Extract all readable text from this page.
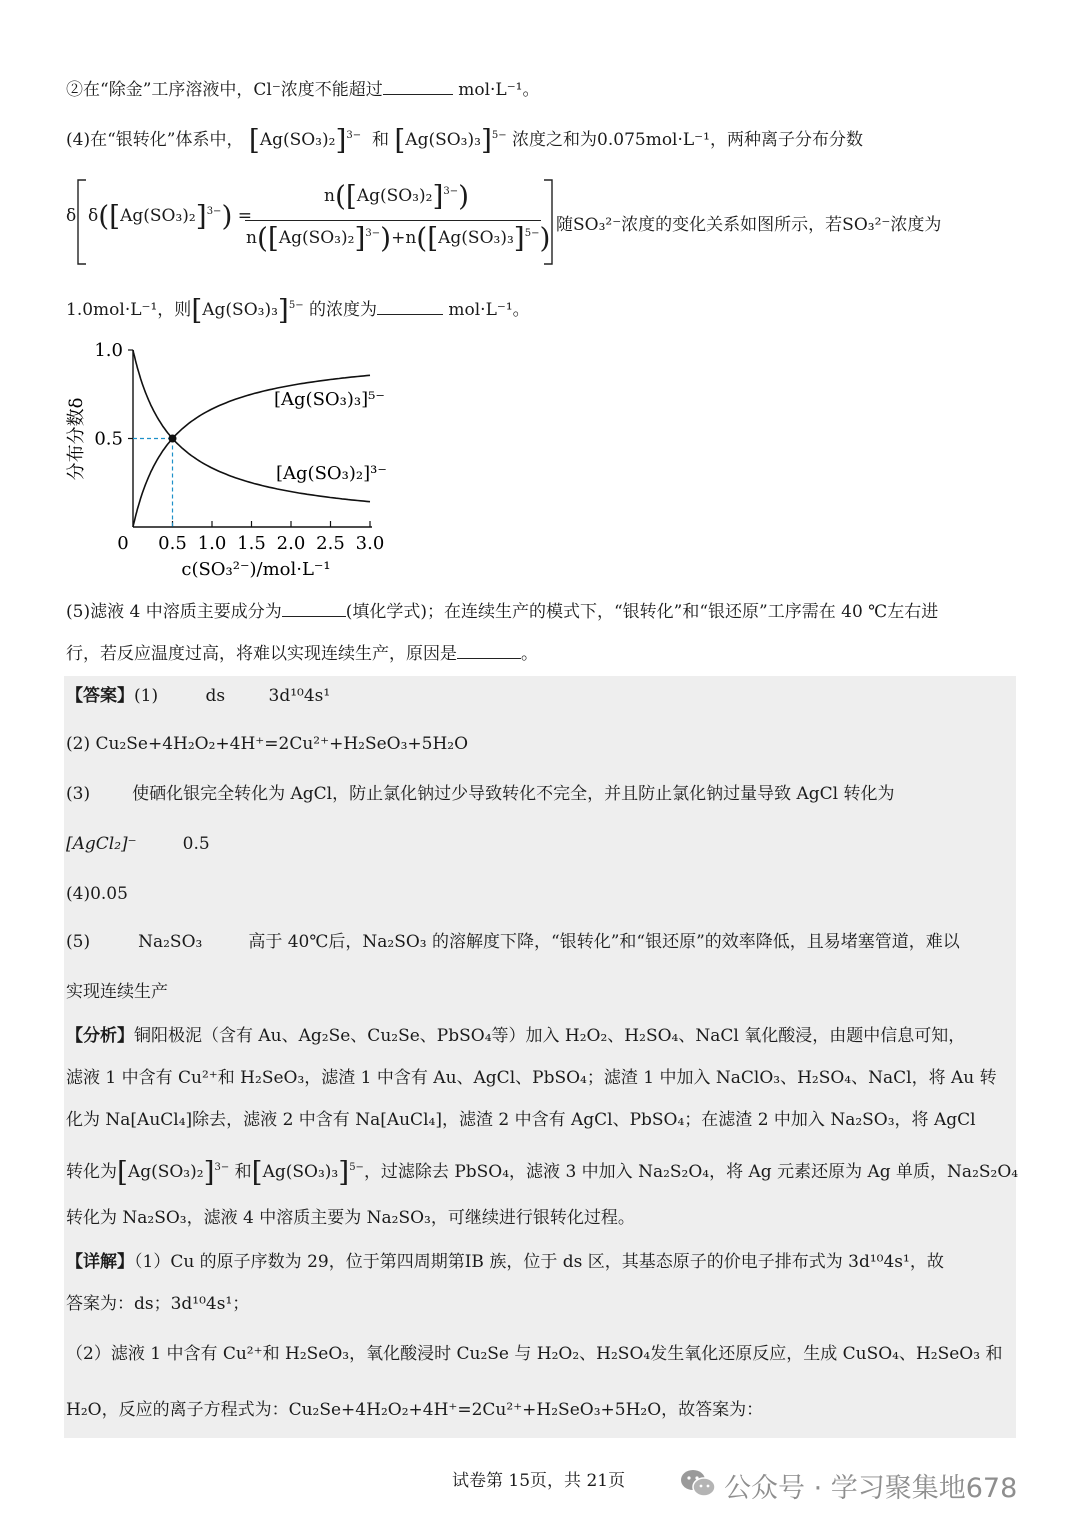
②在“除金”工序溶液中，Cl⁻浓度不能超过	mol·L⁻¹。
(4)在“银转化”体系中， $[Ag(SO_3)_2]^{3-}$ 和 $[Ag(SO_3)_3]^{5-}$ 浓度之和为0.075mol·L⁻¹，两种离子分布分数
δ $\delta([Ag(SO_3)_2]^{3-})$ =
$n([Ag(SO_3)_2]^{3-})$
$n([Ag(SO_3)_2]^{3-})+n([Ag(SO_3)_3]^{5-})$ 随SO₃²⁻浓度的变化关系如图所示，若SO₃²⁻浓度为
1.0mol·L⁻¹，则$[Ag(SO_3)_3]^{5-}$ 的浓度为	mol·L⁻¹。
0 0.5 1.0 1.5 2.0 2.5 3.0
1.0
0.5
[Ag(SO₃)₃]⁵⁻
[Ag(SO₃)₂]³⁻
分布分数δ
c(SO₃²⁻)/mol·L⁻¹
(5)滤液 4 中溶质主要成分为	(填化学式)；在连续生产的模式下，“银转化”和“银还原”工序需在 40 ℃左右进
行，若反应温度过高，将难以实现连续生产，原因是	。
【答案】(1)	ds	3d¹⁰4s¹
(2) Cu₂Se+4H₂O₂+4H⁺=2Cu²⁺+H₂SeO₃+5H₂O
(3) 使硒化银完全转化为 AgCl，防止氯化钠过少导致转化不完全，并且防止氯化钠过量导致 AgCl 转化为
[AgCl₂]⁻	0.5
(4)0.05
(5)	Na₂SO₃	高于 40℃后，Na₂SO₃ 的溶解度下降，“银转化”和“银还原”的效率降低，且易堵塞管道，难以
实现连续生产
【分析】铜阳极泥（含有 Au、Ag₂Se、Cu₂Se、PbSO₄等）加入 H₂O₂、H₂SO₄、NaCl 氧化酸浸，由题中信息可知，
滤液 1 中含有 Cu²⁺和 H₂SeO₃，滤渣 1 中含有 Au、AgCl、PbSO₄；滤渣 1 中加入 NaClO₃、H₂SO₄、NaCl，将 Au 转
化为 Na[AuCl₄]除去，滤液 2 中含有 Na[AuCl₄]，滤渣 2 中含有 AgCl、PbSO₄；在滤渣 2 中加入 Na₂SO₃，将 AgCl
转化为$[Ag(SO_3)_2]^{3-}$ 和$[Ag(SO_3)_3]^{5-}$，过滤除去 PbSO₄，滤液 3 中加入 Na₂S₂O₄，将 Ag 元素还原为 Ag 单质，Na₂S₂O₄
转化为 Na₂SO₃，滤液 4 中溶质主要为 Na₂SO₃，可继续进行银转化过程。
【详解】（1）Cu 的原子序数为 29，位于第四周期第ⅠB 族，位于 ds 区，其基态原子的价电子排布式为 3d¹⁰4s¹，故
答案为：ds；3d¹⁰4s¹；
（2）滤液 1 中含有 Cu²⁺和 H₂SeO₃，氧化酸浸时 Cu₂Se 与 H₂O₂、H₂SO₄发生氧化还原反应，生成 CuSO₄、H₂SeO₃ 和
H₂O，反应的离子方程式为：Cu₂Se+4H₂O₂+4H⁺=2Cu²⁺+H₂SeO₃+5H₂O，故答案为：
试卷第 15页，共 21页	公众号 · 学习聚集地678
